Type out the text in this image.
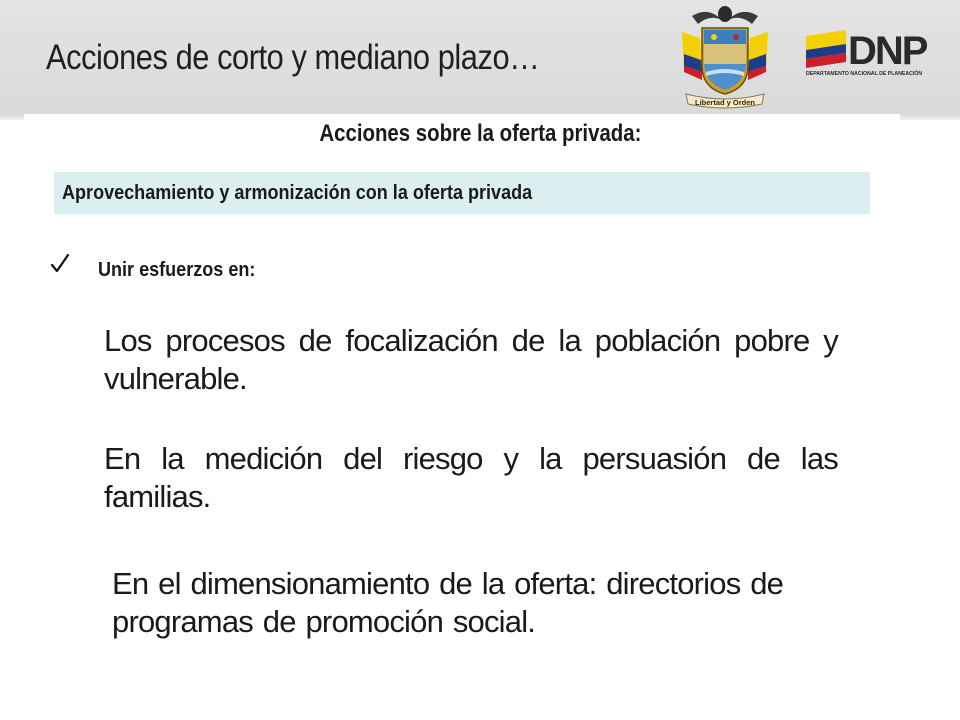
Acciones de corto y mediano plazo…
Libertad y Orden
DNP
DEPARTAMENTO NACIONAL DE PLANEACIÓN
Acciones sobre la oferta privada:
Aprovechamiento y armonización con la oferta privada
Unir esfuerzos en:
Los procesos de focalización de la población pobre y vulnerable.
En la medición del riesgo y la persuasión de las familias.
En el dimensionamiento de la oferta: directorios de programas de promoción social.
